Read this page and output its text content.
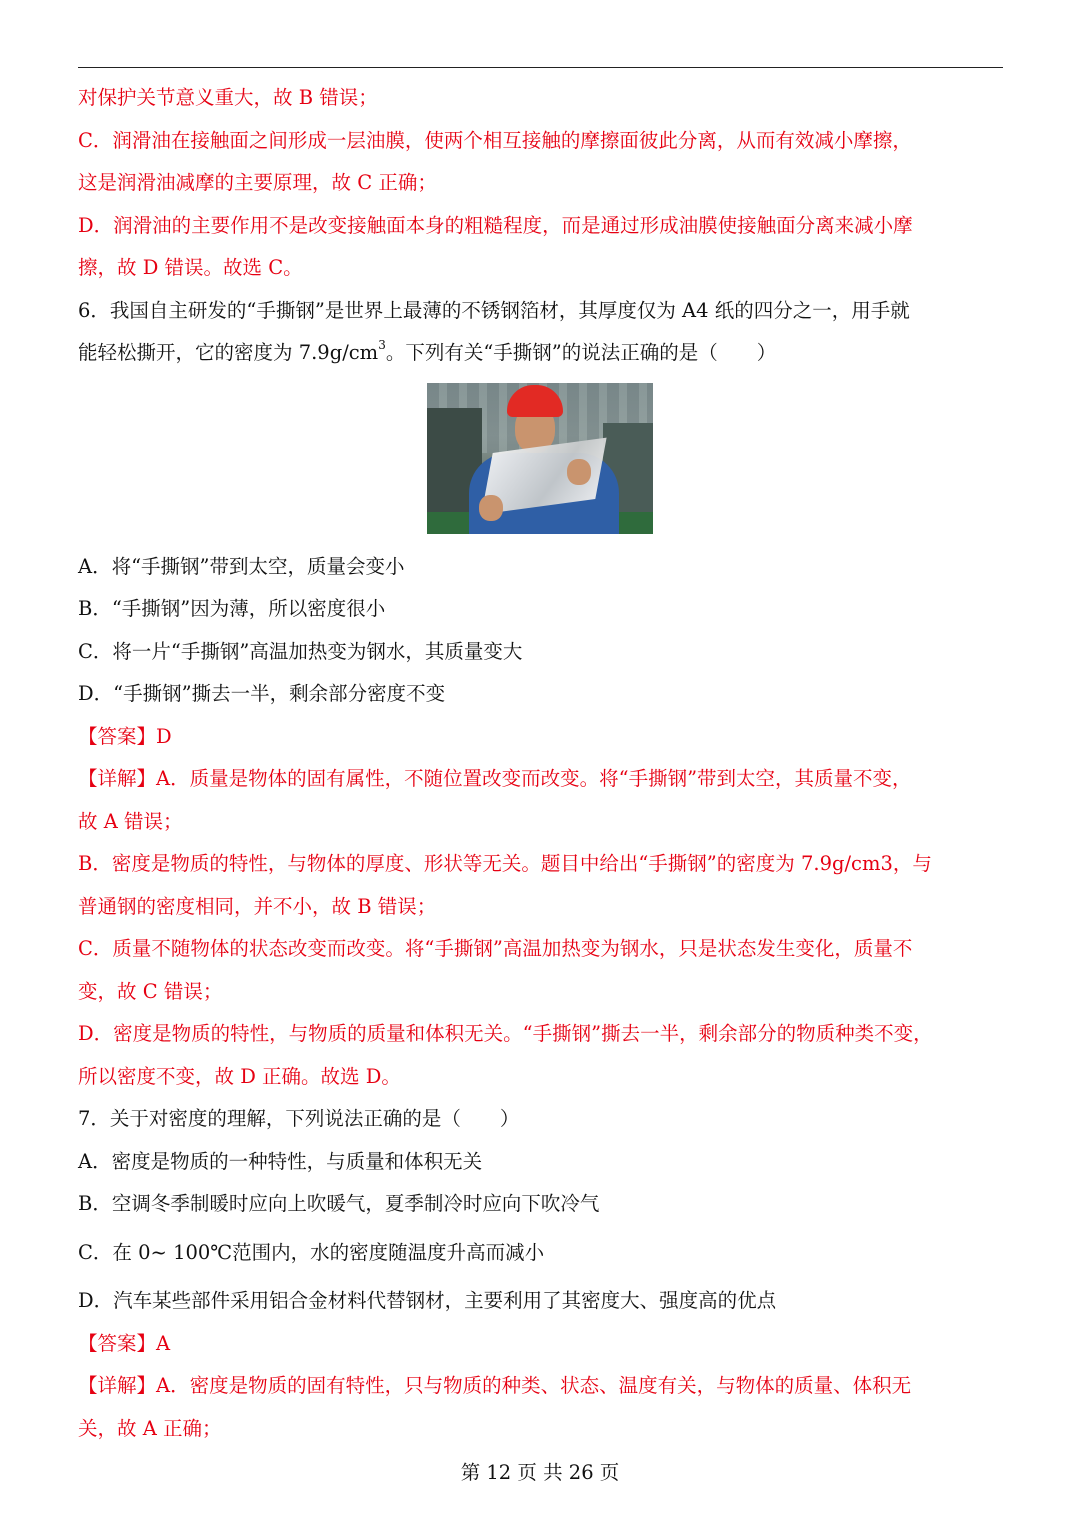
对保护关节意义重大，故 B 错误；
C．润滑油在接触面之间形成一层油膜，使两个相互接触的摩擦面彼此分离，从而有效减小摩擦，
这是润滑油减摩的主要原理，故 C 正确；
D．润滑油的主要作用不是改变接触面本身的粗糙程度，而是通过形成油膜使接触面分离来减小摩
擦，故 D 错误。故选 C。
6．我国自主研发的“手撕钢”是世界上最薄的不锈钢箔材，其厚度仅为 A4 纸的四分之一，用手就
能轻松撕开，它的密度为 $7.9g/cm^3$。下列有关“手撕钢”的说法正确的是（　　）
A．将“手撕钢”带到太空，质量会变小
B．“手撕钢”因为薄，所以密度很小
C．将一片“手撕钢”高温加热变为钢水，其质量变大
D．“手撕钢”撕去一半，剩余部分密度不变
【答案】D
【详解】A．质量是物体的固有属性，不随位置改变而改变。将“手撕钢”带到太空，其质量不变，
故 A 错误；
B．密度是物质的特性，与物体的厚度、形状等无关。题目中给出“手撕钢”的密度为 7.9g/cm3，与
普通钢的密度相同，并不小，故 B 错误；
C．质量不随物体的状态改变而改变。将“手撕钢”高温加热变为钢水，只是状态发生变化，质量不
变，故 C 错误；
D．密度是物质的特性，与物质的质量和体积无关。“手撕钢”撕去一半，剩余部分的物质种类不变，
所以密度不变，故 D 正确。故选 D。
7．关于对密度的理解，下列说法正确的是（　　）
A．密度是物质的一种特性，与质量和体积无关
B．空调冬季制暖时应向上吹暖气，夏季制冷时应向下吹冷气
C．在 0~ 100℃范围内，水的密度随温度升高而减小
D．汽车某些部件采用铝合金材料代替钢材，主要利用了其密度大、强度高的优点
【答案】A
【详解】A．密度是物质的固有特性，只与物质的种类、状态、温度有关，与物体的质量、体积无
关，故 A 正确；
第 12 页 共 26 页
